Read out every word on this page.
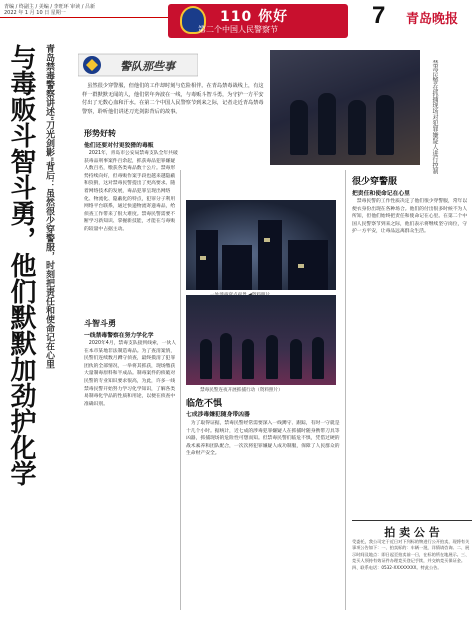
青编 / 终副主 / 美编 / 李旺环 审读 / 吕新
2022 年 1 月 10 日 星期一	110 你好
第二个中国人民警察节
7 青岛晚报
与毒贩斗智斗勇，他们默默加劲护化学 青岛禁毒警察讲述"刀光剑影"背后：虽然很少穿警服，时刻把责任和使命记在心里	警队那些事
虽然很少穿警服，但他们的工作却时刻与危险相伴。在青岛禁毒战线上，有这样一群默默无闻的人，他们常年奔波在一线，与毒贩斗智斗勇，为守护一方平安付出了无数心血和汗水。在第二个中国人民警察节到来之际，记者走近青岛禁毒警察，聆听他们讲述刀光剑影背后的故事。	禁毒民警在抓捕现场对犯罪嫌疑人进行控制
形势好转
他们还要对付更狡猾的毒贩
2021年，青岛市公安局禁毒支队全年共破获毒品刑事案件百余起，抓获毒品犯罪嫌疑人数百名，缴获各类毒品数十公斤。禁毒形势持续向好，但毒贩作案手段也越来越隐蔽和狡猾，这对禁毒民警提出了更高要求。随着网络技术的发展，毒品犯罪呈现出网络化、物流化、隐蔽化的特点，犯罪分子利用网络平台联系，通过快递物流寄递毒品，给侦查工作带来了很大难度。禁毒民警需要不断学习新知识、掌握新技能，才能在与毒贩的较量中占据主动。
斗智斗勇
一线禁毒警察在努力学化学
2020年4月，禁毒支队接到线索，一伙人在本市某地非法制造毒品。为了查清案情，民警们连续数月蹲守侦查，最终摸清了犯罪团伙的全部情况，一举将其抓获，现场缴获大量制毒原料和半成品。制毒案件的侦破对民警的专业知识要求很高，为此，许多一线禁毒民警开始努力学习化学知识，了解各类易制毒化学品的性质和用途，以便在侦查中准确识别。
禁毒民警连夜开展抓捕行动（资料照片）
临危不惧
七成涉毒嫌犯随身带凶器
为了取得证据，禁毒民警经常需要深入一线蹲守、跟踪，有时一守就是十几个小时。据统计，近七成的涉毒犯罪嫌疑人在抓捕时随身携带刀具等凶器，抓捕现场的危险性可想而知。但禁毒民警们临危不惧，凭借过硬的战术素养和团队配合，一次次将犯罪嫌疑人成功制服，保障了人民群众的生命财产安全。
很少穿警服
把责任和使命记在心里
禁毒民警的工作性质决定了他们很少穿警服，常年以便衣身份出现在各种场合。他们的付出很多时候不为人所知，但他们始终把责任和使命记在心里。在第二个中国人民警察节到来之际，他们表示将继续坚守岗位，守护一方平安，让毒品远离群众生活。
拍 卖 公 告
受委托，我公司定于近日对下列标的物进行公开拍卖，现将有关事项公告如下：一、拍卖标的：车辆一批，详情请咨询。二、展示时间及地点：即日起至拍卖前一日，在标的所在地展示。三、竞买人须持有效证件办理竞买登记手续，并交纳竞买保证金。四、联系电话：0532-XXXXXXXX。特此公告。
